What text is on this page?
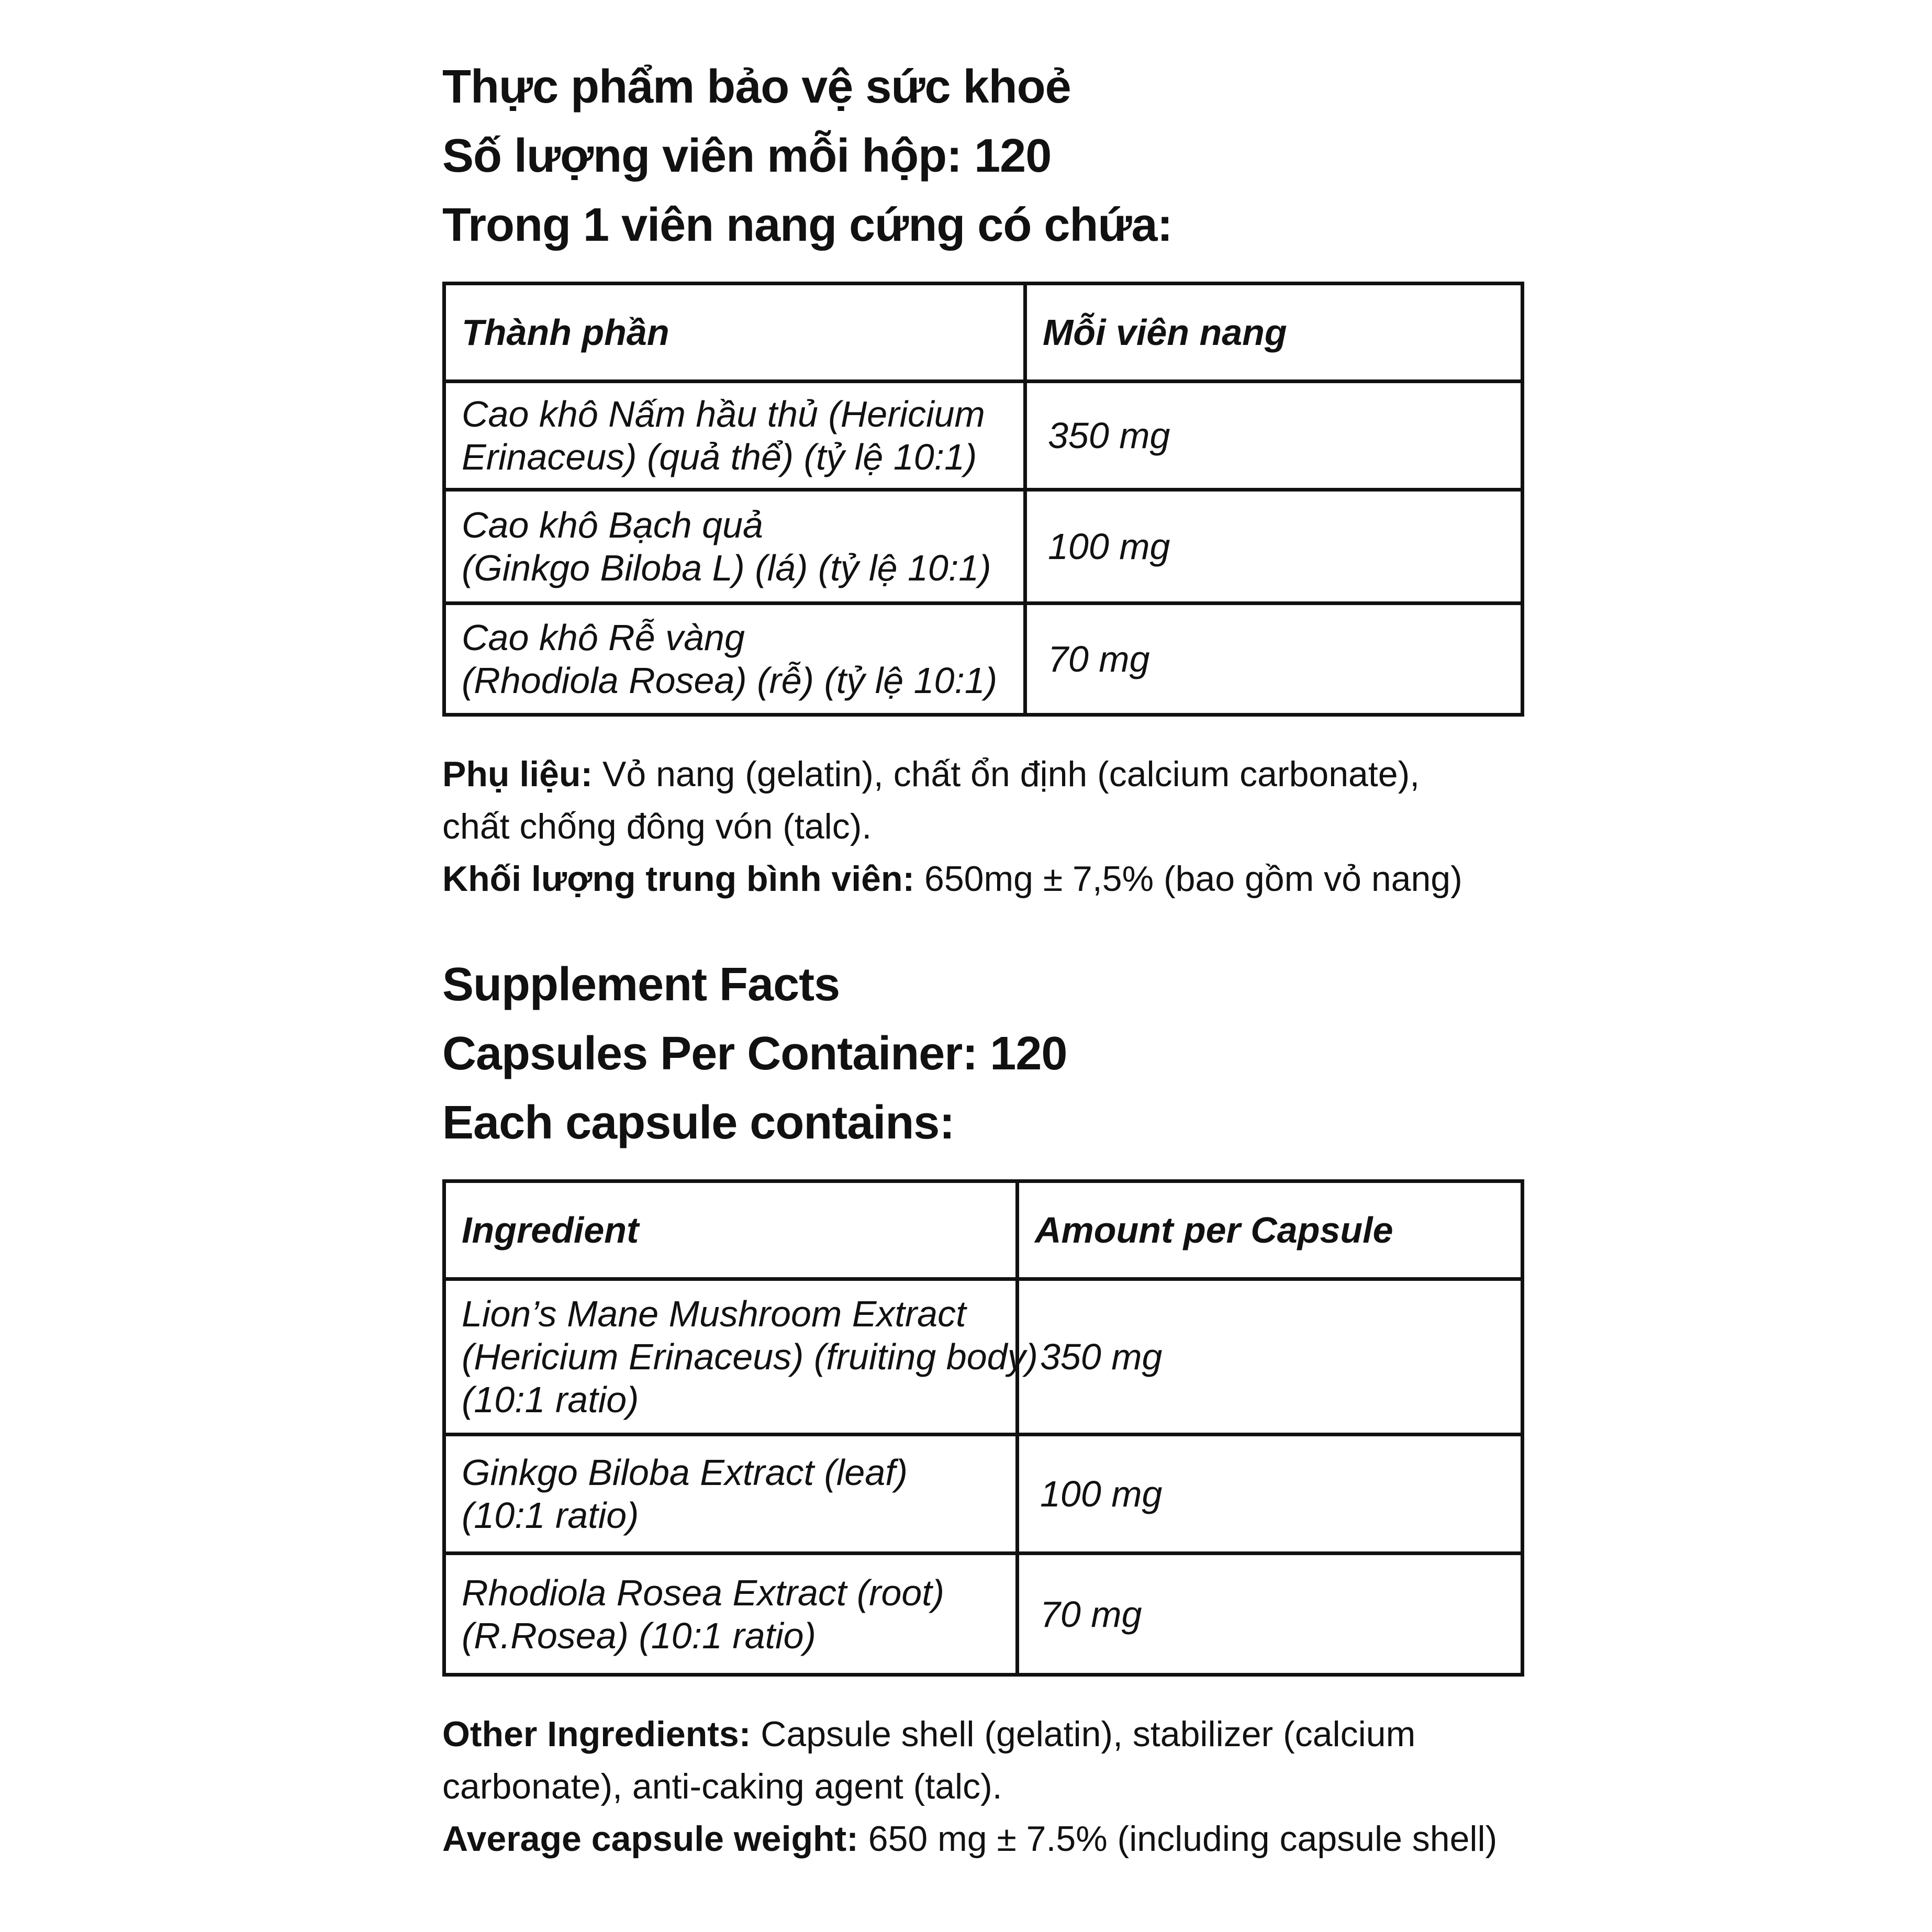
Thực phẩm bảo vệ sức khoẻ
Số lượng viên mỗi hộp: 120
Trong 1 viên nang cứng có chứa:
Thành phần	Mỗi viên nang

Cao khô Nấm hầu thủ (Hericium
Erinaceus) (quả thể) (tỷ lệ 10:1)	350 mg

Cao khô Bạch quả
(Ginkgo Biloba L) (lá) (tỷ lệ 10:1)	100 mg

Cao khô Rễ vàng
(Rhodiola Rosea) (rễ) (tỷ lệ 10:1)	70 mg
Phụ liệu: Vỏ nang (gelatin), chất ổn định (calcium carbonate),
chất chống đông vón (talc).
Khối lượng trung bình viên: 650mg ± 7,5% (bao gồm vỏ nang)
Supplement Facts
Capsules Per Container: 120
Each capsule contains:
Ingredient	Amount per Capsule

Lion’s Mane Mushroom Extract
(Hericium Erinaceus) (fruiting body)
(10:1 ratio)	350 mg

Ginkgo Biloba Extract (leaf)
(10:1 ratio)	100 mg

Rhodiola Rosea Extract (root)
(R.Rosea) (10:1 ratio)	70 mg
Other Ingredients: Capsule shell (gelatin), stabilizer (calcium
carbonate), anti-caking agent (talc).
Average capsule weight: 650 mg ± 7.5% (including capsule shell)
